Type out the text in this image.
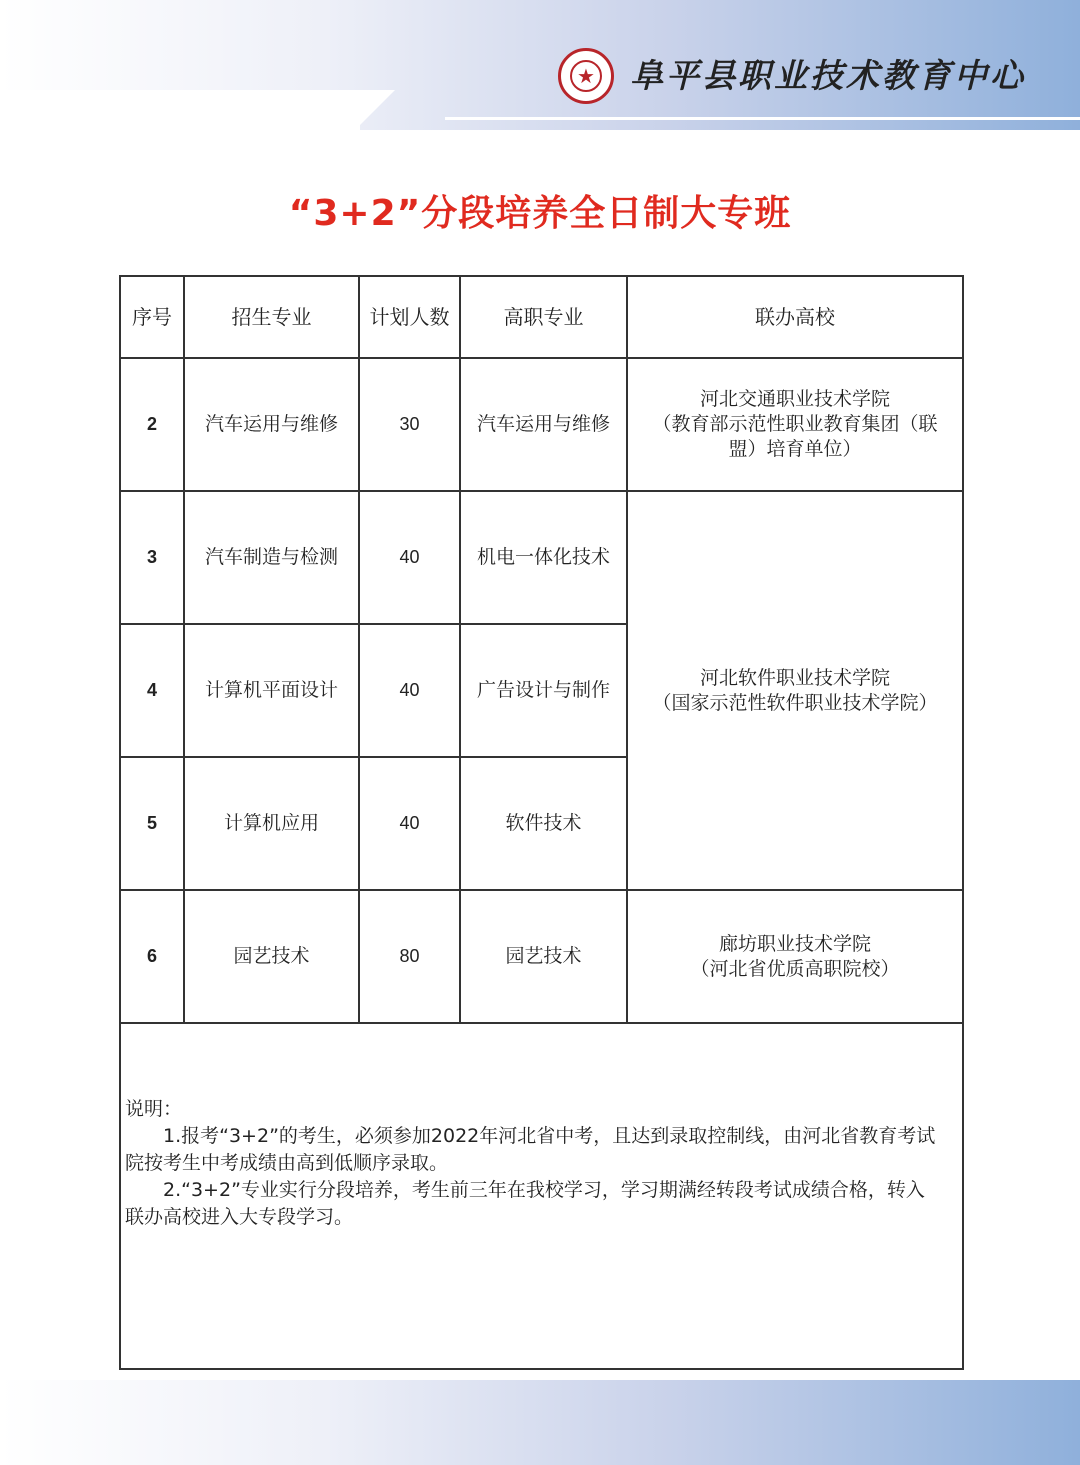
★ 阜平县职业技术教育中心
“3+2”分段培养全日制大专班
序号	招生专业	计划人数	高职专业	联办高校
2	汽车运用与维修	30	汽车运用与维修	河北交通职业技术学院
（教育部示范性职业教育集团（联盟）培育单位）
3	汽车制造与检测	40	机电一体化技术	河北软件职业技术学院
（国家示范性软件职业技术学院）
4	计算机平面设计	40	广告设计与制作	
5	计算机应用	40	软件技术	
6	园艺技术	80	园艺技术	廊坊职业技术学院
（河北省优质高职院校）

说明：

1.报考“3+2”的考生，必须参加2022年河北省中考，且达到录取控制线，由河北省教育考试院按考生中考成绩由高到低顺序录取。

2.“3+2”专业实行分段培养，考生前三年在我校学习，学习期满经转段考试成绩合格，转入联办高校进入大专段学习。				
